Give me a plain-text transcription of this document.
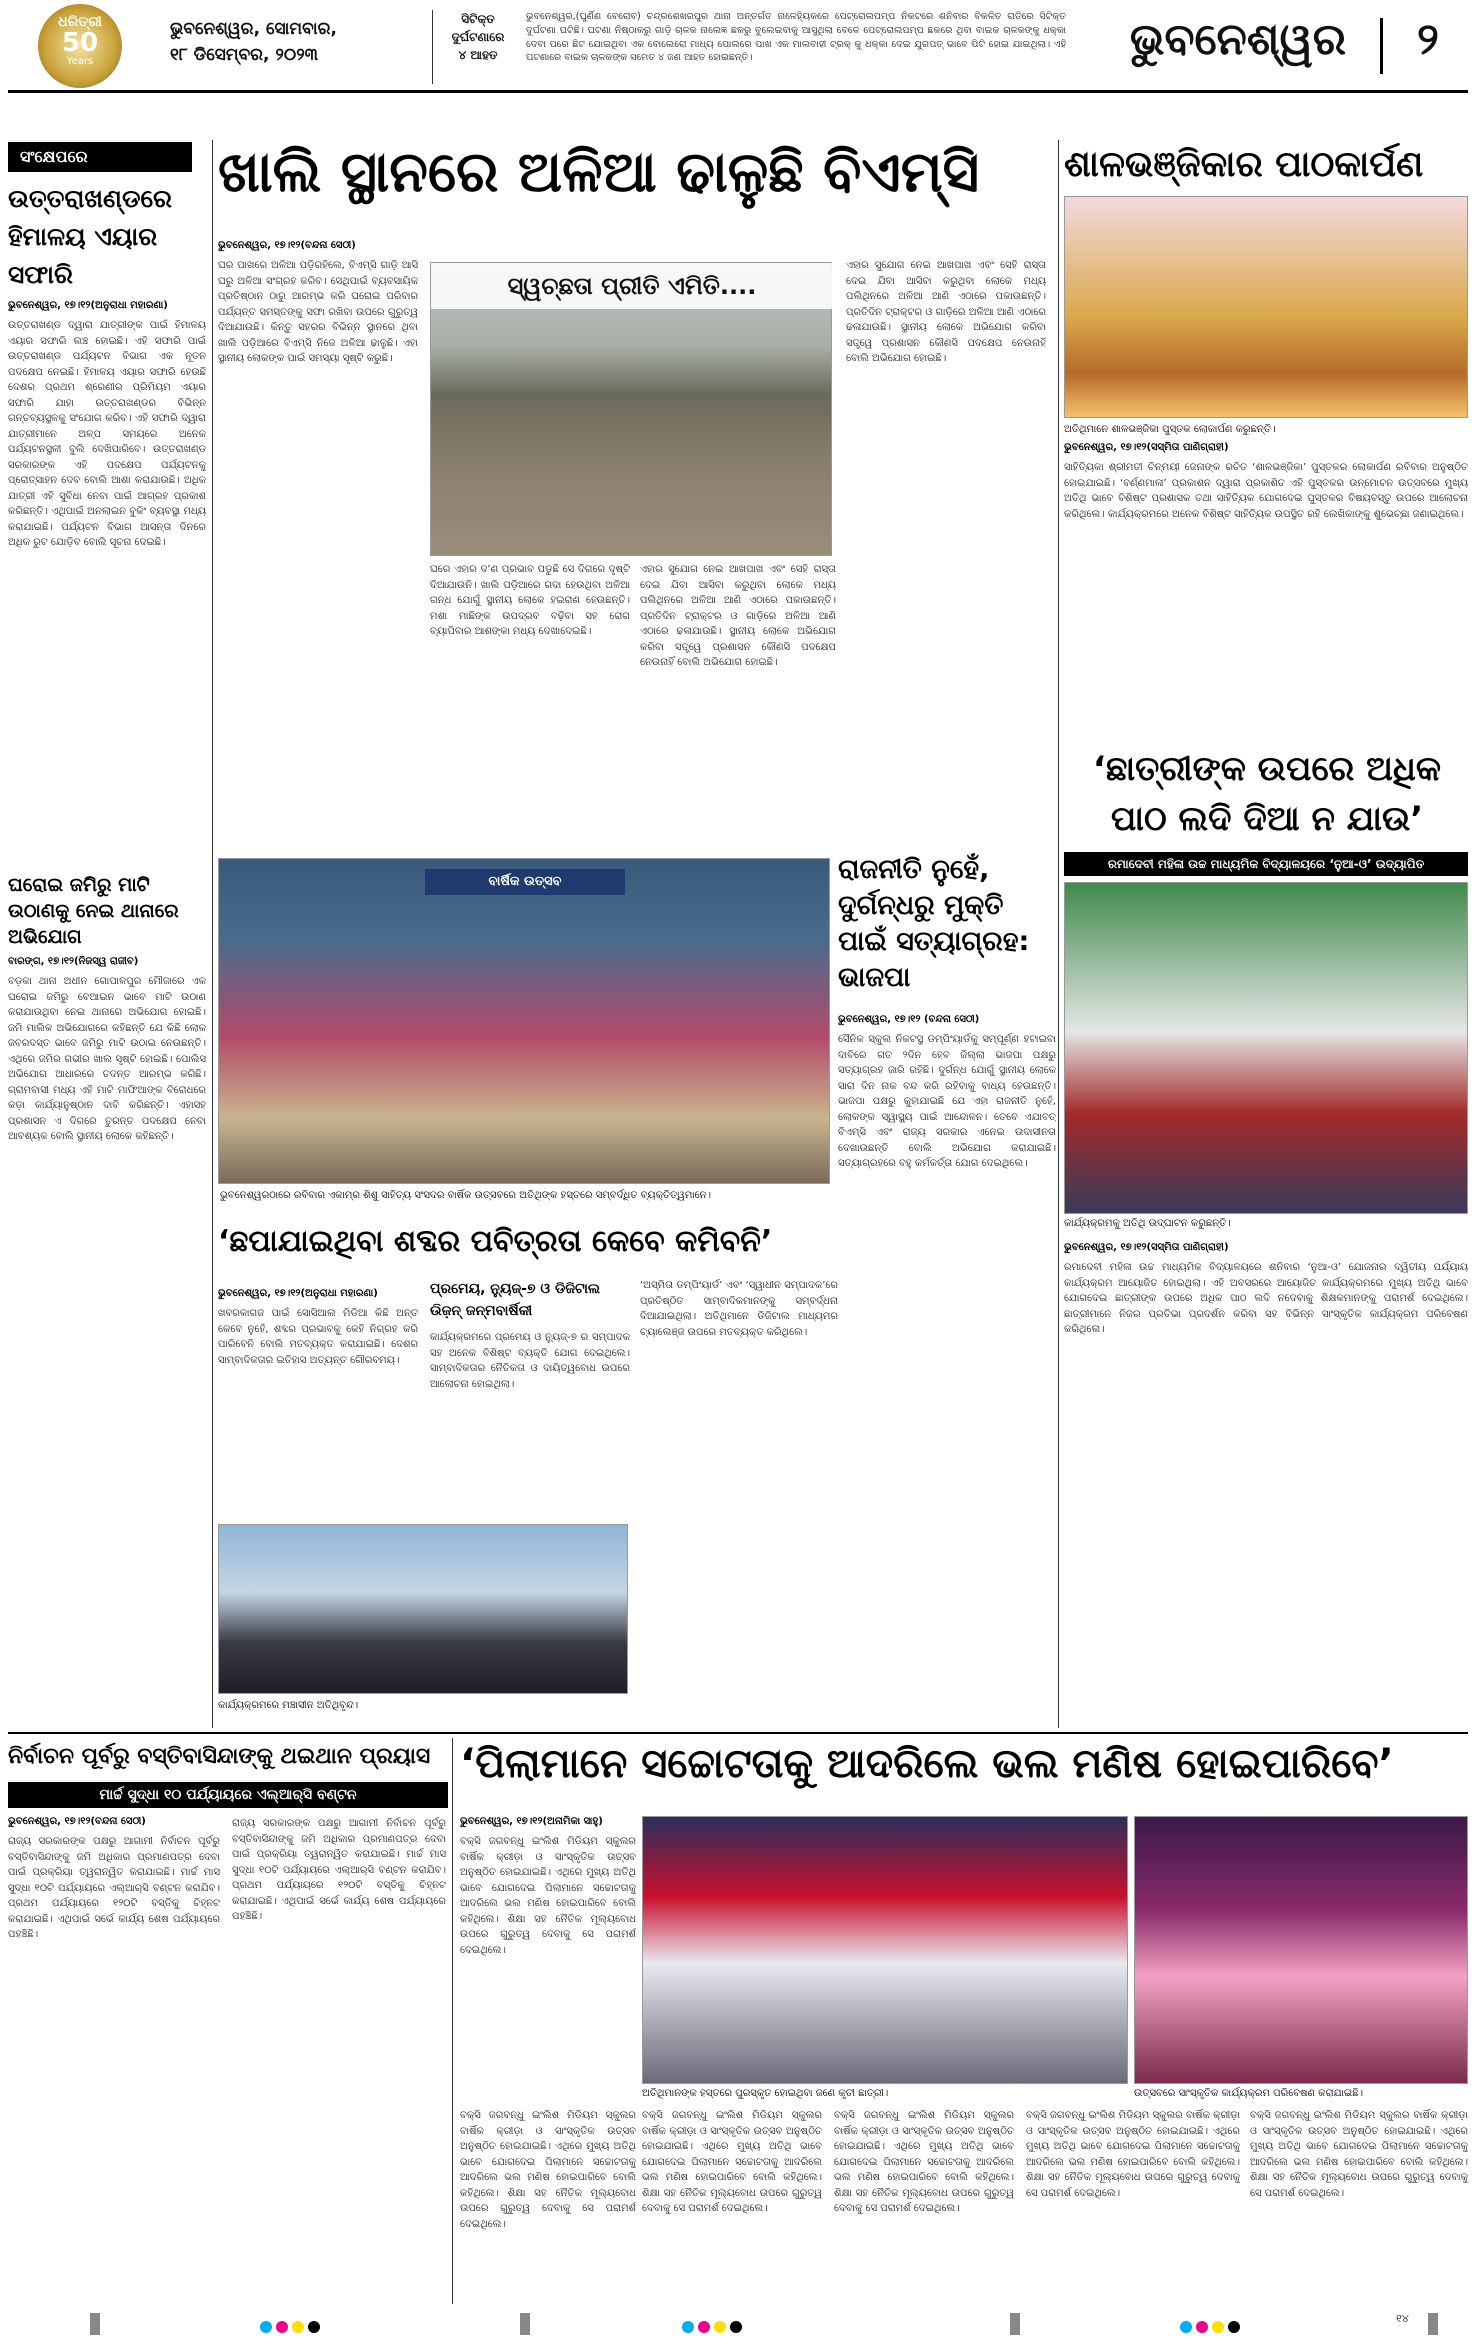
ଧରିତ୍ରୀ
50
Years
ଭୁବନେଶ୍ୱର, ସୋମବାର,
୧୮ ଡିସେମ୍ବର, ୨୦୨୩
ସିଟିକ୍ତ
ଦୁର୍ଘଟଣାରେ
୪ ଆହତ
ଭୁବନେଶ୍ୱର,(ଘୁର୍ଣିଣ ବେରୋବ) ଚନ୍ଦ୍ରଶେଖରପୁର ଥାନା ଅନ୍ତର୍ଗତ ନାଳେହ୍ୟିକରେ ପେଟ୍ରୋଲପମ୍ପ ନିକଟରେ ଶନିବାର ବିକଳିତ ରାତିରେ ସିଟିକ୍ତ ଦୁର୍ଘଟଣା ଘଟିଛି। ଘଟଣା ନିଷ୍ଠାକରୁ ଗାଡ଼ି ଚାଳକ ନାଲେଜ୍ଞ ଛକରୁ ବୁଲେଇବାକୁ ଆସୁଥିଲା ବେଳେ ପେଟ୍ରୋଲପମ୍ପ ଛକରେ ଥିବା ବାଇକ ଚାଳକଙ୍କୁ ଧକ୍କା ଦେବା ପରେ ଛିଟ ଯୋଇଥିବା ଏକ ବୋଲେରୋ ମାଧ୍ୟ ପୋଲରେ ପାଖ ଏକ ମାଲବାହୀ ଟ୍ରକ୍ କୁ ଧକ୍କା ଦେଇ ଯୁଗପତ୍ ଭାବେ ପିଟି ହୋଇ ଯାଇଥିଲା। ଏହି ଘଟଣାରେ ବାଇକ ଚାଳକଙ୍କ ସମେତ ୪ ଜଣ ଆହତ ହୋଇଛନ୍ତି।	ଭୁବନେଶ୍ୱର	୨
ସଂକ୍ଷେପରେ
ଉତ୍ତରାଖଣ୍ଡରେ ହିମାଳୟ ଏୟାର ସଫାରି
ଭୁବନେଶ୍ୱର, ୧୭।୧୨(ଅନୁରାଧା ମହାରଣା)
ଉତ୍ତରାଖଣ୍ଡ ଦ୍ୱାରା ଯାତ୍ରୀଙ୍କ ପାଇଁ ହିମାଳୟ ଏୟାର ସଫାରି ଲଞ୍ଚ ହୋଇଛି। ଏହି ସଫାରି ପାଇଁ ଉତ୍ତରାଖଣ୍ଡ ପର୍ଯ୍ୟଟନ ବିଭାଗ ଏକ ନୂତନ ପଦକ୍ଷେପ ନେଇଛି। ହିମାଳୟ ଏୟାର ସଫାରି ହେଉଛି ଦେଶର ପ୍ରଥମ ଶ୍ରେଣୀର ପ୍ରିମିୟମ ଏୟାର ସଫାରି ଯାହା ଉତ୍ତରାଖଣ୍ଡର ବିଭିନ୍ନ ଗନ୍ତବ୍ୟସ୍ଥଳକୁ ସଂଯୋଗ କରିବ। ଏହି ସଫାରି ଦ୍ୱାରା ଯାତ୍ରୀମାନେ ଅଳ୍ପ ସମୟରେ ଅନେକ ପର୍ଯ୍ୟଟନସ୍ଥଳୀ ବୁଲି ଦେଖିପାରିବେ। ଉତ୍ତରାଖଣ୍ଡ ସରକାରଙ୍କ ଏହି ପଦକ୍ଷେପ ପର୍ଯ୍ୟଟନକୁ ପ୍ରୋତ୍ସାହନ ଦେବ ବୋଲି ଆଶା କରାଯାଉଛି। ଅଧିକ ଯାତ୍ରୀ ଏହି ସୁବିଧା ନେବା ପାଇଁ ଆଗ୍ରହ ପ୍ରକାଶ କରିଛନ୍ତି। ଏଥିପାଇଁ ଅନଲାଇନ ବୁକିଂ ବ୍ୟବସ୍ଥା ମଧ୍ୟ କରାଯାଇଛି। ପର୍ଯ୍ୟଟନ ବିଭାଗ ଆସନ୍ତା ଦିନରେ ଅଧିକ ରୁଟ ଯୋଡ଼ିବ ବୋଲି ସୂଚନା ଦେଇଛି।
ଘରୋଇ ଜମିରୁ ମାଟି ଉଠାଣକୁ ନେଇ ଥାନାରେ ଅଭିଯୋଗ
ବାରଙ୍ଗ, ୧୭।୧୨(ନିଜସ୍ୱ ରାଜୀବ)
ବଡ଼କା ଥାନା ଅଧୀନ ଗୋପାଳପୁର ମୌଜାରେ ଏକ ଘରୋଇ ଜମିରୁ ବେଆଇନ ଭାବେ ମାଟି ଉଠାଣ କରାଯାଉଥିବା ନେଇ ଥାନାରେ ଅଭିଯୋଗ ହୋଇଛି। ଜମି ମାଲିକ ଅଭିଯୋଗରେ କହିଛନ୍ତି ଯେ କିଛି ଲୋକ ଜବରଦସ୍ତ ଭାବେ ଜମିରୁ ମାଟି ଉଠାଇ ନେଉଛନ୍ତି। ଏଥିରେ ଜମିର ଗଭୀର ଖାଲ ସୃଷ୍ଟି ହୋଇଛି। ପୋଲିସ ଅଭିଯୋଗ ଆଧାରରେ ତଦନ୍ତ ଆରମ୍ଭ କରିଛି। ଗ୍ରାମବାସୀ ମଧ୍ୟ ଏହି ମାଟି ମାଫିଆଙ୍କ ବିରୋଧରେ କଡ଼ା କାର୍ଯ୍ୟାନୁଷ୍ଠାନ ଦାବି କରିଛନ୍ତି। ଏହାସହ ପ୍ରଶାସନ ଏ ଦିଗରେ ତୁରନ୍ତ ପଦକ୍ଷେପ ନେବା ଆବଶ୍ୟକ ବୋଲି ସ୍ଥାନୀୟ ଲୋକେ କହିଛନ୍ତି।
ଖାଲି ସ୍ଥାନରେ ଅଳିଆ ଢାଳୁଛି ବିଏମ୍ସି
ଭୁବନେଶ୍ୱର, ୧୭।୧୨(ବନ୍ଦନା ସେଠୀ)
ଘର ପାଖରେ ଅଳିଆ ପଡ଼ିରହିଲେ, ବିଏମ୍ସି ଗାଡ଼ି ଆସି ଘରୁ ଅଳିଆ ସଂଗ୍ରହ କରିବ। ସେଥିପାଇଁ ବ୍ୟବସାୟିକ ପ୍ରତିଷ୍ଠାନ ଠାରୁ ଆରମ୍ଭ କରି ଘରୋଇ ପରିବାର ପର୍ଯ୍ୟନ୍ତ ସମସ୍ତଙ୍କୁ ସଫା ରଖିବା ଉପରେ ଗୁରୁତ୍ୱ ଦିଆଯାଉଛି। କିନ୍ତୁ ସହରର ବିଭିନ୍ନ ସ୍ଥାନରେ ଥିବା ଖାଲି ପଡ଼ିଆରେ ବିଏମ୍ସି ନିଜେ ଅଳିଆ ଢାଳୁଛି। ଏହା ସ୍ଥାନୀୟ ଲୋକଙ୍କ ପାଇଁ ସମସ୍ୟା ସୃଷ୍ଟି କରୁଛି।
ସ୍ୱଚ୍ଛତା ପ୍ରୀତି ଏମିତି....
ଘରେ ଏହାର ଦ’ଣ ପ୍ରଭାବ ପଡୁଛି ସେ ଦିଗରେ ଦୃଷ୍ଟି ଦିଆଯାଉନି। ଖାଲି ପଡ଼ିଆରେ ଗଦା ହେଉଥିବା ଅଳିଆ ଗନ୍ଧ ଯୋଗୁଁ ସ୍ଥାନୀୟ ଲୋକେ ହଇରାଣ ହେଉଛନ୍ତି। ମଶା ମାଛିଙ୍କ ଉପଦ୍ରବ ବଢ଼ିବା ସହ ରୋଗ ବ୍ୟାପିବାର ଆଶଙ୍କା ମଧ୍ୟ ଦେଖାଦେଇଛି।
ଏହାର ସୁଯୋଗ ନେଇ ଆଖପାଖ ଏବଂ ସେହି ରାସ୍ତା ଦେଇ ଯିବା ଆସିବା କରୁଥିବା ଲୋକେ ମଧ୍ୟ ପଲିଥିନରେ ଅଳିଆ ଆଣି ଏଠାରେ ପକାଉଛନ୍ତି। ପ୍ରତିଦିନ ଟ୍ରାକ୍ଟର ଓ ଗାଡ଼ିରେ ଅଳିଆ ଆଣି ଏଠାରେ ଢଳାଯାଉଛି। ସ୍ଥାନୀୟ ଲୋକେ ଅଭିଯୋଗ କରିବା ସତ୍ତ୍ୱେ ପ୍ରଶାସନ କୌଣସି ପଦକ୍ଷେପ ନେଉନାହିଁ ବୋଲି ଅଭିଯୋଗ ହୋଇଛି।
ଏହାର ସୁଯୋଗ ନେଇ ଆଖପାଖ ଏବଂ ସେହି ରାସ୍ତା ଦେଇ ଯିବା ଆସିବା କରୁଥିବା ଲୋକେ ମଧ୍ୟ ପଲିଥିନରେ ଅଳିଆ ଆଣି ଏଠାରେ ପକାଉଛନ୍ତି। ପ୍ରତିଦିନ ଟ୍ରାକ୍ଟର ଓ ଗାଡ଼ିରେ ଅଳିଆ ଆଣି ଏଠାରେ ଢଳାଯାଉଛି। ସ୍ଥାନୀୟ ଲୋକେ ଅଭିଯୋଗ କରିବା ସତ୍ତ୍ୱେ ପ୍ରଶାସନ କୌଣସି ପଦକ୍ଷେପ ନେଉନାହିଁ ବୋଲି ଅଭିଯୋଗ ହୋଇଛି।
ବାର୍ଷିକ ଉତ୍ସବ
ଭୁବନେଶ୍ୱରଠାରେ ରବିବାର ଏକାମ୍ର ଶିଶୁ ସାହିତ୍ୟ ସଂସଦର ବାର୍ଷିକ ଉତ୍ସବରେ ଅତିଥିଙ୍କ ହସ୍ତରେ ସମ୍ବର୍ଦ୍ଧିତ ବ୍ୟକ୍ତିତ୍ୱମାନେ।
ରାଜନୀତି ନୁହେଁ, ଦୁର୍ଗନ୍ଧରୁ ମୁକ୍ତି ପାଇଁ ସତ୍ୟାଗ୍ରହ: ଭାଜପା
ଭୁବନେଶ୍ୱର, ୧୭।୧୨ (ବନ୍ଦନା ସେଠୀ)
ସୈନିକ ସ୍କୁଲ ନିକଟସ୍ଥ ଡମ୍ପିଂୟାର୍ଡକୁ ସମ୍ପୂର୍ଣ୍ଣ ହଟାଇବା ଦାବିରେ ଗତ ୨ଦିନ ହେବ ଜିଲ୍ଲା ଭାଜପା ପକ୍ଷରୁ ସତ୍ୟାଗ୍ରହ ଜାରି ରହିଛି। ଦୁର୍ଗନ୍ଧ ଯୋଗୁଁ ସ୍ଥାନୀୟ ଲୋକେ ସାରା ଦିନ ନାକ ବନ୍ଦ କରି ରହିବାକୁ ବାଧ୍ୟ ହେଉଛନ୍ତି। ଭାଜପା ପକ୍ଷରୁ କୁହାଯାଇଛି ଯେ ଏହା ରାଜନୀତି ନୁହେଁ, ଲୋକଙ୍କ ସ୍ୱାସ୍ଥ୍ୟ ପାଇଁ ଆନ୍ଦୋଳନ। ତେବେ ଏଯାବତ୍ ବିଏମ୍ସି ଏବଂ ରାଜ୍ୟ ସରକାର ଏନେଇ ଉଦାସୀନତା ଦେଖାଉଛନ୍ତି ବୋଲି ଅଭିଯୋଗ କରାଯାଇଛି। ସତ୍ୟାଗ୍ରହରେ ବହୁ କର୍ମକର୍ତ୍ତା ଯୋଗ ଦେଇଥିଲେ।
ଶାଳଭଞ୍ଜିକାର ପାଠକାର୍ପଣ
ଅତିଥିମାନେ ଶାଳଭଞ୍ଜିକା ପୁସ୍ତକ ଲୋକାର୍ପଣ କରୁଛନ୍ତି।
ଭୁବନେଶ୍ୱର, ୧୭।୧୨(ସସ୍ମିତା ପାଣିଗ୍ରାହୀ)
ସାହିତ୍ୟିକା ଶ୍ରୀମତୀ ଚିନ୍ମୟୀ ଜେନାଙ୍କ ରଚିତ ‘ଶାଳଭଞ୍ଜିକା’ ପୁସ୍ତକର ଲୋକାର୍ପଣ ରବିବାର ଅନୁଷ୍ଠିତ ହୋଇଯାଇଛି। ‘ବର୍ଣ୍ଣମାଳା’ ପ୍ରକାଶନ ଦ୍ୱାରା ପ୍ରକାଶିତ ଏହି ପୁସ୍ତକର ଉନ୍ମୋଚନ ଉତ୍ସବରେ ମୁଖ୍ୟ ଅତିଥି ଭାବେ ବିଶିଷ୍ଟ ପ୍ରଶାସକ ତଥା ସାହିତ୍ୟିକ ଯୋଗଦେଇ ପୁସ୍ତକର ବିଷୟବସ୍ତୁ ଉପରେ ଆଲୋଚନା କରିଥିଲେ। କାର୍ଯ୍ୟକ୍ରମରେ ଅନେକ ବିଶିଷ୍ଟ ସାହିତ୍ୟିକ ଉପସ୍ଥିତ ରହି ଲେଖିକାଙ୍କୁ ଶୁଭେଚ୍ଛା ଜଣାଇଥିଲେ।
‘ଛାତ୍ରୀଙ୍କ ଉପରେ ଅଧିକ ପାଠ ଲଦି ଦିଆ ନ ଯାଉ’
ରମାଦେବୀ ମହିଳା ଉଚ୍ଚ ମାଧ୍ୟମିକ ବିଦ୍ୟାଳୟରେ ‘ନୁଆ-ଓ’ ଉଦ୍ୟାପିତ
କାର୍ଯ୍ୟକ୍ରମକୁ ଅତିଥି ଉଦ୍‌ଘାଟନ କରୁଛନ୍ତି।
ଭୁବନେଶ୍ୱର, ୧୭।୧୨(ସସ୍ମିତା ପାଣିଗ୍ରାହୀ)
ରମାଦେବୀ ମହିଳା ଉଚ୍ଚ ମାଧ୍ୟମିକ ବିଦ୍ୟାଳୟରେ ଶନିବାର ‘ନୁଆ-ଓ’ ଯୋଜନାର ଦ୍ୱିତୀୟ ପର୍ଯ୍ୟାୟ କାର୍ଯ୍ୟକ୍ରମ ଆୟୋଜିତ ହୋଇଥିଲା। ଏହି ଅବସରରେ ଆୟୋଜିତ କାର୍ଯ୍ୟକ୍ରମରେ ମୁଖ୍ୟ ଅତିଥି ଭାବେ ଯୋଗଦେଇ ଛାତ୍ରୀଙ୍କ ଉପରେ ଅଧିକ ପାଠ ଲଦି ନଦେବାକୁ ଶିକ୍ଷକମାନଙ୍କୁ ପରାମର୍ଶ ଦେଇଥିଲେ। ଛାତ୍ରୀମାନେ ନିଜର ପ୍ରତିଭା ପ୍ରଦର୍ଶନ କରିବା ସହ ବିଭିନ୍ନ ସାଂସ୍କୃତିକ କାର୍ଯ୍ୟକ୍ରମ ପରିବେଷଣ କରିଥିଲେ।
‘ଛପାଯାଇଥିବା ଶବ୍ଦର ପବିତ୍ରତା କେବେ କମିବନି’
ଭୁବନେଶ୍ୱର, ୧୭।୧୨(ଅନୁରାଧା ମହାରଣା)	ପ୍ରମେୟ, ନ୍ୟୁଜ୍-୭ ଓ ଡିଜିଟାଲ ଉିଜ଼ନ୍ ଜନ୍ମବାର୍ଷିକୀ
ଖବରକାଗଜ ପାଇଁ ସୋସିଆଲ ମିଡିଆ କିଛି ଅନ୍ତ କେବେ ନୁହେଁ, ଶବ୍ଦର ପ୍ରଭାବକୁ କେହି ନିଗ୍ରହ କରି ପାରିବେନି ବୋଲି ମତବ୍ୟକ୍ତ କରାଯାଇଛି। ଦେଶର ସାମ୍ବାଦିକତାର ଇତିହାସ ଅତ୍ୟନ୍ତ ଗୌରବମୟ।
କାର୍ଯ୍ୟକ୍ରମରେ ପ୍ରମେୟ ଓ ନ୍ୟୁଜ୍-୭ ର ସମ୍ପାଦକ ସହ ଅନେକ ବିଶିଷ୍ଟ ବ୍ୟକ୍ତି ଯୋଗ ଦେଇଥିଲେ। ସାମ୍ବାଦିକତାର ନୈତିକତା ଓ ଦାୟିତ୍ୱବୋଧ ଉପରେ ଆଲୋଚନା ହୋଇଥିଲା।
‘ଅସ୍ମିତା ଡମ୍ପିଂୟାର୍ଡ’ ଏବଂ ‘ସ୍ୱାଧୀନ ସମ୍ପାଦକ’ରେ ପ୍ରତିଷ୍ଠିତ ସାମ୍ବାଦିକମାନଙ୍କୁ ସମ୍ବର୍ଦ୍ଧନା ଦିଆଯାଇଥିଲା। ଅତିଥିମାନେ ଡିଜିଟାଲ ମାଧ୍ୟମର ଚ୍ୟାଲେଞ୍ଜ ଉପରେ ମତବ୍ୟକ୍ତ କରିଥିଲେ।
କାର୍ଯ୍ୟକ୍ରମରେ ମଞ୍ଚାସୀନ ଅତିଥିବୃନ୍ଦ।
ନିର୍ବାଚନ ପୂର୍ବରୁ ବସ୍ତିବାସିନ୍ଦାଙ୍କୁ ଥଇଥାନ ପ୍ରୟାସ
ମାର୍ଚ୍ଚ ସୁଦ୍ଧା ୧୦ ପର୍ଯ୍ୟାୟରେ ଏଲ୍‌ଆର୍‌ସି ବଣ୍ଟନ
ଭୁବନେଶ୍ୱର, ୧୭।୧୨(ବନ୍ଦନା ସେଠୀ)
ରାଜ୍ୟ ସରକାରଙ୍କ ପକ୍ଷରୁ ଆଗାମୀ ନିର୍ବାଚନ ପୂର୍ବରୁ ବସ୍ତିବାସିନ୍ଦାଙ୍କୁ ଜମି ଅଧିକାର ପ୍ରମାଣପତ୍ର ଦେବା ପାଇଁ ପ୍ରକ୍ରିୟା ତ୍ୱରାନ୍ୱିତ କରାଯାଇଛି। ମାର୍ଚ୍ଚ ମାସ ସୁଦ୍ଧା ୧୦ଟି ପର୍ଯ୍ୟାୟରେ ଏଲ୍‌ଆର୍‌ସି ବଣ୍ଟନ କରାଯିବ। ପ୍ରଥମ ପର୍ଯ୍ୟାୟରେ ୧୨୦ଟି ବସ୍ତିକୁ ଚିହ୍ନଟ କରାଯାଇଛି। ଏଥିପାଇଁ ସର୍ଭେ କାର୍ଯ୍ୟ ଶେଷ ପର୍ଯ୍ୟାୟରେ ପହଞ୍ଚିଛି।
ରାଜ୍ୟ ସରକାରଙ୍କ ପକ୍ଷରୁ ଆଗାମୀ ନିର୍ବାଚନ ପୂର୍ବରୁ ବସ୍ତିବାସିନ୍ଦାଙ୍କୁ ଜମି ଅଧିକାର ପ୍ରମାଣପତ୍ର ଦେବା ପାଇଁ ପ୍ରକ୍ରିୟା ତ୍ୱରାନ୍ୱିତ କରାଯାଇଛି। ମାର୍ଚ୍ଚ ମାସ ସୁଦ୍ଧା ୧୦ଟି ପର୍ଯ୍ୟାୟରେ ଏଲ୍‌ଆର୍‌ସି ବଣ୍ଟନ କରାଯିବ। ପ୍ରଥମ ପର୍ଯ୍ୟାୟରେ ୧୨୦ଟି ବସ୍ତିକୁ ଚିହ୍ନଟ କରାଯାଇଛି। ଏଥିପାଇଁ ସର୍ଭେ କାର୍ଯ୍ୟ ଶେଷ ପର୍ଯ୍ୟାୟରେ ପହଞ୍ଚିଛି।
‘ପିଲାମାନେ ସଚ୍ଚୋଟତାକୁ ଆଦରିଲେ ଭଲ ମଣିଷ ହୋଇପାରିବେ’
ଭୁବନେଶ୍ୱର, ୧୭।୧୨(ଅନାମିକା ସାହୁ)
ବକ୍ସି ଜଗବନ୍ଧୁ ଇଂଲିଶ ମିଡିୟମ ସ୍କୁଲର ବାର୍ଷିକ କ୍ରୀଡ଼ା ଓ ସାଂସ୍କୃତିକ ଉତ୍ସବ ଅନୁଷ୍ଠିତ ହୋଇଯାଇଛି। ଏଥିରେ ମୁଖ୍ୟ ଅତିଥି ଭାବେ ଯୋଗଦେଇ ପିଲାମାନେ ସଚ୍ଚୋଟତାକୁ ଆଦରିଲେ ଭଲ ମଣିଷ ହୋଇପାରିବେ ବୋଲି କହିଥିଲେ। ଶିକ୍ଷା ସହ ନୈତିକ ମୂଲ୍ୟବୋଧ ଉପରେ ଗୁରୁତ୍ୱ ଦେବାକୁ ସେ ପରାମର୍ଶ ଦେଇଥିଲେ।
ଅତିଥିମାନଙ୍କ ହସ୍ତରେ ପୁରସ୍କୃତ ହୋଇଥିବା ଜଣେ କୃତୀ ଛାତ୍ରୀ।	ଉତ୍ସବରେ ସାଂସ୍କୃତିକ କାର୍ଯ୍ୟକ୍ରମ ପରିବେଷଣ କରାଯାଇଛି।
ବକ୍ସି ଜଗବନ୍ଧୁ ଇଂଲିଶ ମିଡିୟମ ସ୍କୁଲର ବାର୍ଷିକ କ୍ରୀଡ଼ା ଓ ସାଂସ୍କୃତିକ ଉତ୍ସବ ଅନୁଷ୍ଠିତ ହୋଇଯାଇଛି। ଏଥିରେ ମୁଖ୍ୟ ଅତିଥି ଭାବେ ଯୋଗଦେଇ ପିଲାମାନେ ସଚ୍ଚୋଟତାକୁ ଆଦରିଲେ ଭଲ ମଣିଷ ହୋଇପାରିବେ ବୋଲି କହିଥିଲେ। ଶିକ୍ଷା ସହ ନୈତିକ ମୂଲ୍ୟବୋଧ ଉପରେ ଗୁରୁତ୍ୱ ଦେବାକୁ ସେ ପରାମର୍ଶ ଦେଇଥିଲେ।
ବକ୍ସି ଜଗବନ୍ଧୁ ଇଂଲିଶ ମିଡିୟମ ସ୍କୁଲର ବାର୍ଷିକ କ୍ରୀଡ଼ା ଓ ସାଂସ୍କୃତିକ ଉତ୍ସବ ଅନୁଷ୍ଠିତ ହୋଇଯାଇଛି। ଏଥିରେ ମୁଖ୍ୟ ଅତିଥି ଭାବେ ଯୋଗଦେଇ ପିଲାମାନେ ସଚ୍ଚୋଟତାକୁ ଆଦରିଲେ ଭଲ ମଣିଷ ହୋଇପାରିବେ ବୋଲି କହିଥିଲେ। ଶିକ୍ଷା ସହ ନୈତିକ ମୂଲ୍ୟବୋଧ ଉପରେ ଗୁରୁତ୍ୱ ଦେବାକୁ ସେ ପରାମର୍ଶ ଦେଇଥିଲେ।
ବକ୍ସି ଜଗବନ୍ଧୁ ଇଂଲିଶ ମିଡିୟମ ସ୍କୁଲର ବାର୍ଷିକ କ୍ରୀଡ଼ା ଓ ସାଂସ୍କୃତିକ ଉତ୍ସବ ଅନୁଷ୍ଠିତ ହୋଇଯାଇଛି। ଏଥିରେ ମୁଖ୍ୟ ଅତିଥି ଭାବେ ଯୋଗଦେଇ ପିଲାମାନେ ସଚ୍ଚୋଟତାକୁ ଆଦରିଲେ ଭଲ ମଣିଷ ହୋଇପାରିବେ ବୋଲି କହିଥିଲେ। ଶିକ୍ଷା ସହ ନୈତିକ ମୂଲ୍ୟବୋଧ ଉପରେ ଗୁରୁତ୍ୱ ଦେବାକୁ ସେ ପରାମର୍ଶ ଦେଇଥିଲେ।
ବକ୍ସି ଜଗବନ୍ଧୁ ଇଂଲିଶ ମିଡିୟମ ସ୍କୁଲର ବାର୍ଷିକ କ୍ରୀଡ଼ା ଓ ସାଂସ୍କୃତିକ ଉତ୍ସବ ଅନୁଷ୍ଠିତ ହୋଇଯାଇଛି। ଏଥିରେ ମୁଖ୍ୟ ଅତିଥି ଭାବେ ଯୋଗଦେଇ ପିଲାମାନେ ସଚ୍ଚୋଟତାକୁ ଆଦରିଲେ ଭଲ ମଣିଷ ହୋଇପାରିବେ ବୋଲି କହିଥିଲେ। ଶିକ୍ଷା ସହ ନୈତିକ ମୂଲ୍ୟବୋଧ ଉପରେ ଗୁରୁତ୍ୱ ଦେବାକୁ ସେ ପରାମର୍ଶ ଦେଇଥିଲେ।
ବକ୍ସି ଜଗବନ୍ଧୁ ଇଂଲିଶ ମିଡିୟମ ସ୍କୁଲର ବାର୍ଷିକ କ୍ରୀଡ଼ା ଓ ସାଂସ୍କୃତିକ ଉତ୍ସବ ଅନୁଷ୍ଠିତ ହୋଇଯାଇଛି। ଏଥିରେ ମୁଖ୍ୟ ଅତିଥି ଭାବେ ଯୋଗଦେଇ ପିଲାମାନେ ସଚ୍ଚୋଟତାକୁ ଆଦରିଲେ ଭଲ ମଣିଷ ହୋଇପାରିବେ ବୋଲି କହିଥିଲେ। ଶିକ୍ଷା ସହ ନୈତିକ ମୂଲ୍ୟବୋଧ ଉପରେ ଗୁରୁତ୍ୱ ଦେବାକୁ ସେ ପରାମର୍ଶ ଦେଇଥିଲେ।
୧୪
